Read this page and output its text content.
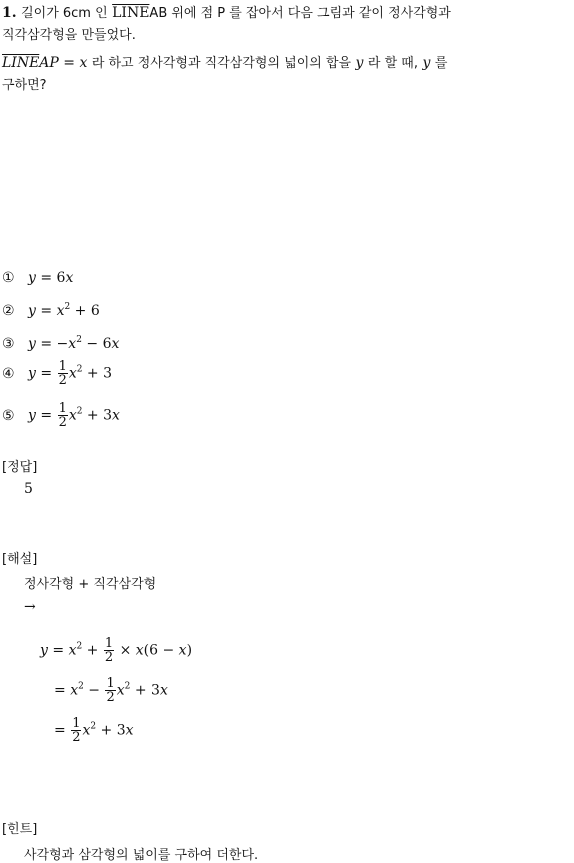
1. 길이가 6cm 인 LINEAB 위에 점 P 를 잡아서 다음 그림과 같이 정사각형과
직각삼각형을 만들었다.
LINEAP = x 라 하고 정사각형과 직각삼각형의 넓이의 합을 y 라 할 때, y 를
구하면?
① y = 6x
② $y = x^2 + 6$
③ $y = -x^2 - 6x$
④ $y = \frac{1}{2} x^2 + 3$
⑤ $y = \frac{1}{2} x^2 + 3x$
[정답]
5
[해설]
정사각형 + 직각삼각형
→
$y = x^2 + \frac{1}{2} \times x(6 - x)$
= $x^2 - \frac{1}{2} x^2 + 3x$
= $\frac{1}{2} x^2 + 3x$
[힌트]
사각형과 삼각형의 넓이를 구하여 더한다.
